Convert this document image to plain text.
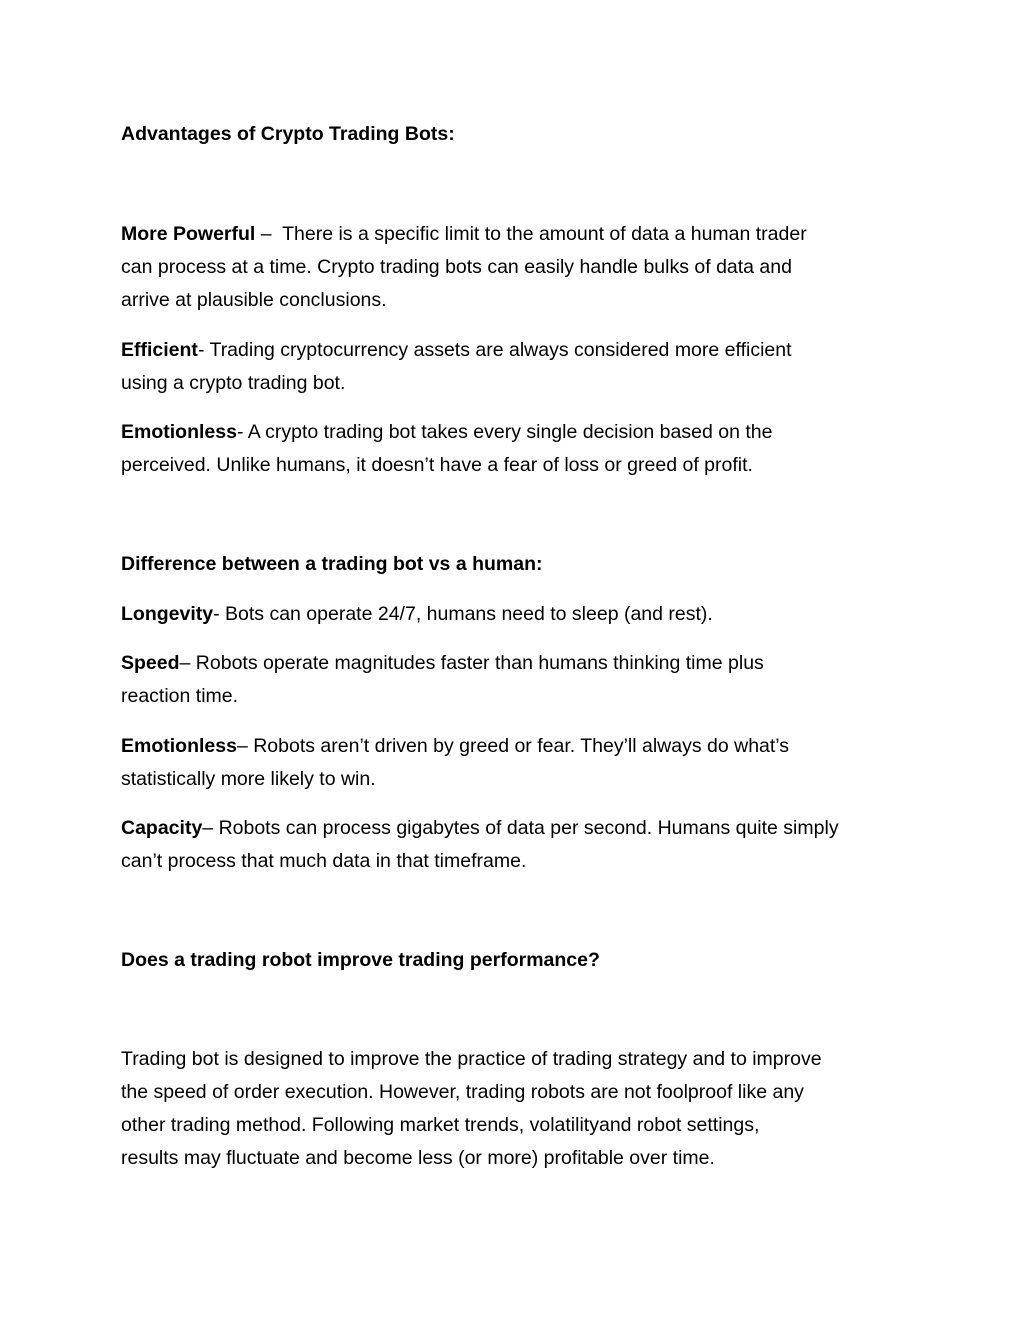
Advantages of Crypto Trading Bots:

More Powerful –  There is a specific limit to the amount of data a human trader

can process at a time. Crypto trading bots can easily handle bulks of data and

arrive at plausible conclusions.

Efficient- Trading cryptocurrency assets are always considered more efficient

using a crypto trading bot.

Emotionless- A crypto trading bot takes every single decision based on the

perceived. Unlike humans, it doesn’t have a fear of loss or greed of profit.

Difference between a trading bot vs a human:

Longevity- Bots can operate 24/7, humans need to sleep (and rest).

Speed– Robots operate magnitudes faster than humans thinking time plus

reaction time.

Emotionless– Robots aren’t driven by greed or fear. They’ll always do what’s

statistically more likely to win.

Capacity– Robots can process gigabytes of data per second. Humans quite simply

can’t process that much data in that timeframe.

Does a trading robot improve trading performance?

Trading bot is designed to improve the practice of trading strategy and to improve

the speed of order execution. However, trading robots are not foolproof like any

other trading method. Following market trends, volatilityand robot settings,

results may fluctuate and become less (or more) profitable over time.
